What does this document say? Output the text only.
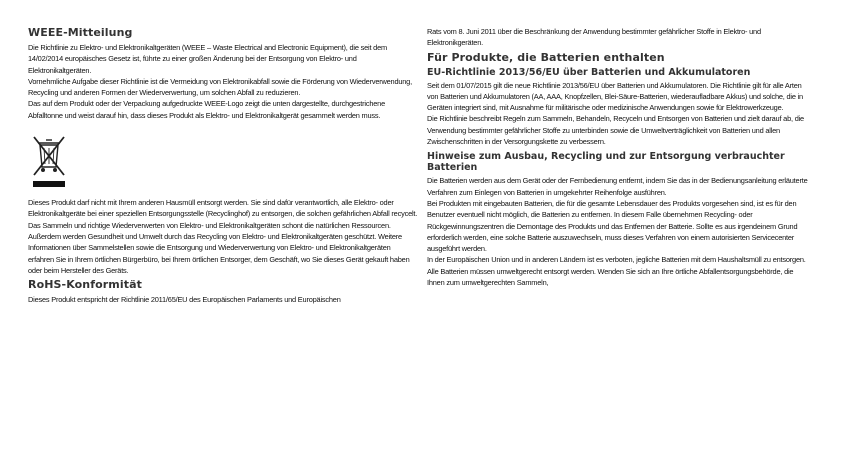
WEEE-Mitteilung

Die Richtlinie zu Elektro- und Elektronikaltgeräten (WEEE – Waste Electrical and Electronic Equipment), die seit dem 14/02/2014 europäisches Gesetz ist, führte zu einer großen Änderung bei der Entsorgung von Elektro- und Elektronikaltgeräten.

Vornehmliche Aufgabe dieser Richtlinie ist die Vermeidung von Elektronikabfall sowie die Förderung von Wiederverwendung, Recycling und anderen Formen der Wiederverwertung, um solchen Abfall zu reduzieren.

Das auf dem Produkt oder der Verpackung aufgedruckte WEEE-Logo zeigt die unten dargestellte, durchgestrichene Abfalltonne und weist darauf hin, dass dieses Produkt als Elektro- und Elektronikaltgerät gesammelt werden muss.

Dieses Produkt darf nicht mit Ihrem anderen Hausmüll entsorgt werden. Sie sind dafür verantwortlich, alle Elektro- oder Elektronikaltgeräte bei einer speziellen Entsorgungsstelle (Recyclinghof) zu entsorgen, die solchen gefährlichen Abfall recycelt. Das Sammeln und richtige Wiederverwerten von Elektro- und Elektronikaltgeräten schont die natürlichen Ressourcen. Außerdem werden Gesundheit und Umwelt durch das Recycling von Elektro- und Elektronikaltgeräten geschützt. Weitere Informationen über Sammelstellen sowie die Entsorgung und Wiederverwertung von Elektro- und Elektronikaltgeräten erfahren Sie in Ihrem örtlichen Bürgerbüro, bei Ihrem örtlichen Entsorger, dem Geschäft, wo Sie dieses Gerät gekauft haben oder beim Hersteller des Geräts.

RoHS-Konformität

Dieses Produkt entspricht der Richtlinie 2011/65/EU des Europäischen Parlaments und Europäischen

Rats vom 8. Juni 2011 über die Beschränkung der Anwendung bestimmter gefährlicher Stoffe in Elektro- und Elektronikgeräten.

Für Produkte, die Batterien enthalten
EU-Richtlinie 2013/56/EU über Batterien und Akkumulatoren

Seit dem 01/07/2015 gilt die neue Richtlinie 2013/56/EU über Batterien und Akkumulatoren. Die Richtlinie gilt für alle Arten von Batterien und Akkumulatoren (AA, AAA, Knopfzellen, Blei-Säure-Batterien, wiederaufladbare Akkus) und solche, die in Geräten integriert sind, mit Ausnahme für militärische oder medizinische Anwendungen sowie für Elektrowerkzeuge.

Die Richtlinie beschreibt Regeln zum Sammeln, Behandeln, Recyceln und Entsorgen von Batterien und zielt darauf ab, die Verwendung bestimmter gefährlicher Stoffe zu unterbinden sowie die Umweltverträglichkeit von Batterien und allen Zwischenschritten in der Versorgungskette zu verbessern.

Hinweise zum Ausbau, Recycling und zur Entsorgung verbrauchter Batterien

Die Batterien werden aus dem Gerät oder der Fernbedienung entfernt, indem Sie das in der Bedienungsanleitung erläuterte Verfahren zum Einlegen von Batterien in umgekehrter Reihenfolge ausführen.

Bei Produkten mit eingebauten Batterien, die für die gesamte Lebensdauer des Produkts vorgesehen sind, ist es für den Benutzer eventuell nicht möglich, die Batterien zu entfernen. In diesem Falle übernehmen Recycling- oder Rückgewinnungszentren die Demontage des Produkts und das Entfernen der Batterie. Sollte es aus irgendeinem Grund erforderlich werden, eine solche Batterie auszuwechseln, muss dieses Verfahren von einem autorisierten Servicecenter ausgeführt werden.

In der Europäischen Union und in anderen Ländern ist es verboten, jegliche Batterien mit dem Haushaltsmüll zu entsorgen. Alle Batterien müssen umweltgerecht entsorgt werden. Wenden Sie sich an Ihre örtliche Abfallentsorgungsbehörde, die Ihnen zum umweltgerechten Sammeln,
